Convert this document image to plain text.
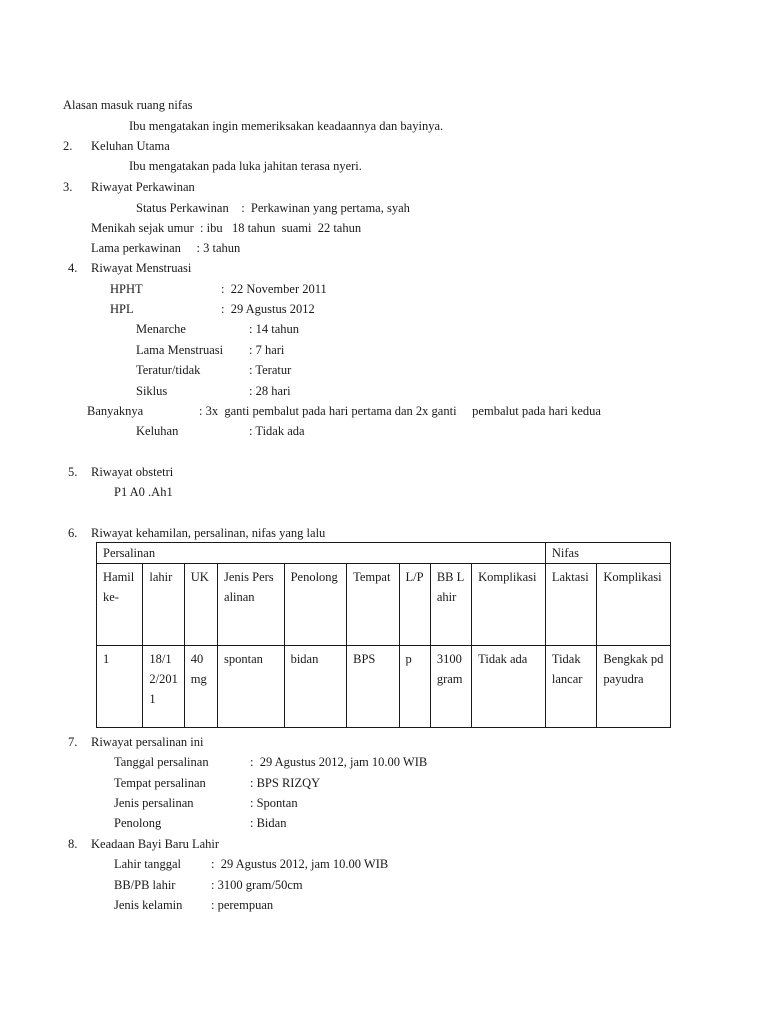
Alasan masuk ruang nifas
Ibu mengatakan ingin memeriksakan keadaannya dan bayinya.
2. Keluhan Utama
Ibu mengatakan pada luka jahitan terasa nyeri.
3. Riwayat Perkawinan
Status Perkawinan    :  Perkawinan yang pertama, syah
Menikah sejak umur  : ibu   18 tahun  suami  22 tahun
Lama perkawinan     : 3 tahun
4. Riwayat Menstruasi
HPHT	:  22 November 2011
HPL	:  29 Agustus 2012
Menarche	: 14 tahun
Lama Menstruasi : 7 hari
Teratur/tidak	: Teratur
Siklus	: 28 hari
Banyaknya	: 3x  ganti pembalut pada hari pertama dan 2x ganti     pembalut pada hari kedua
Keluhan	: Tidak ada
5. Riwayat obstetri
P1 A0 .Ah1
6. Riwayat kehamilan, persalinan, nifas yang lalu
Persalinan									Nifas	
Hamil ke-	lahir	UK	Jenis Persalinan	Penolong	Tempat	L/P	BB Lahir	Komplikasi	Laktasi	Komplikasi
1	18/12/2011	40 mg	spontan	bidan	BPS	p	3100 gram	Tidak ada	Tidak lancar	Bengkak pd payudra
7. Riwayat persalinan ini
Tanggal persalinan	:  29 Agustus 2012, jam 10.00 WIB
Tempat persalinan	: BPS RIZQY
Jenis persalinan	: Spontan
Penolong	: Bidan
8. Keadaan Bayi Baru Lahir
Lahir tanggal :  29 Agustus 2012, jam 10.00 WIB
BB/PB lahir	: 3100 gram/50cm
Jenis kelamin : perempuan
